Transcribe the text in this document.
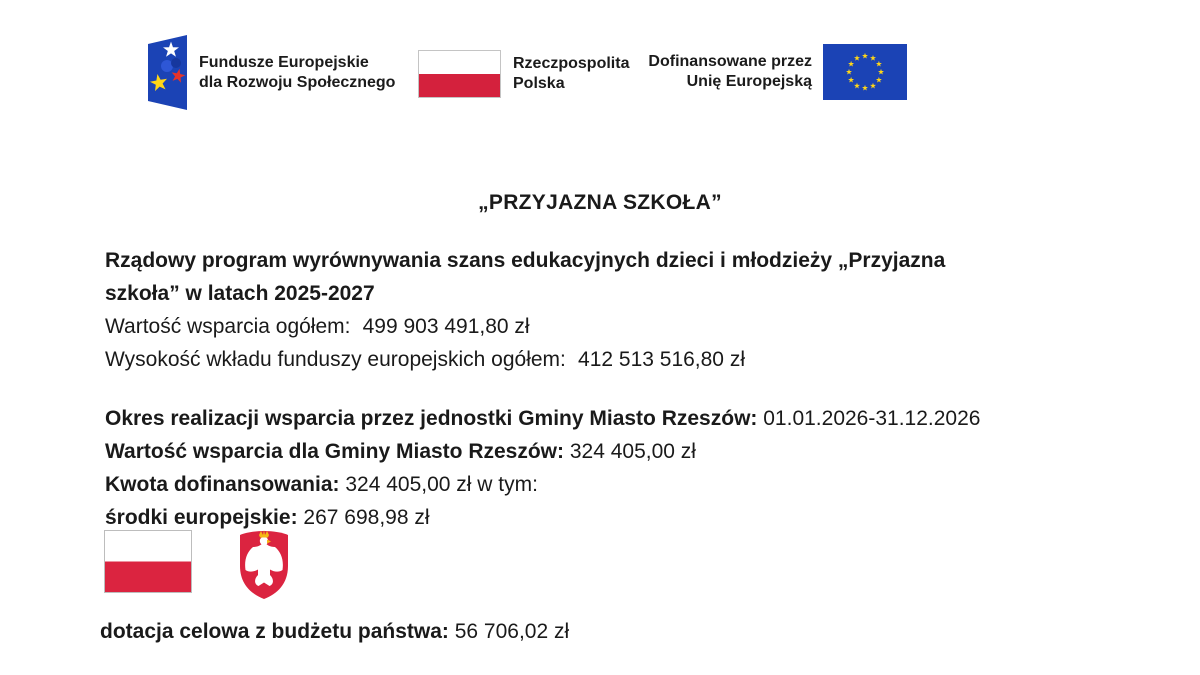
Fundusze Europejskie
dla Rozwoju Społecznego
Rzeczpospolita
Polska
Dofinansowane przez
Unię Europejską
„PRZYJAZNA SZKOŁA”
Rządowy program wyrównywania szans edukacyjnych dzieci i młodzieży „Przyjazna
szkoła” w latach 2025-2027
Wartość wsparcia ogółem: 499 903 491,80 zł
Wysokość wkładu funduszy europejskich ogółem: 412 513 516,80 zł
Okres realizacji wsparcia przez jednostki Gminy Miasto Rzeszów: 01.01.2026-31.12.2026
Wartość wsparcia dla Gminy Miasto Rzeszów: 324 405,00 zł
Kwota dofinansowania: 324 405,00 zł w tym:
środki europejskie: 267 698,98 zł
dotacja celowa z budżetu państwa: 56 706,02 zł
